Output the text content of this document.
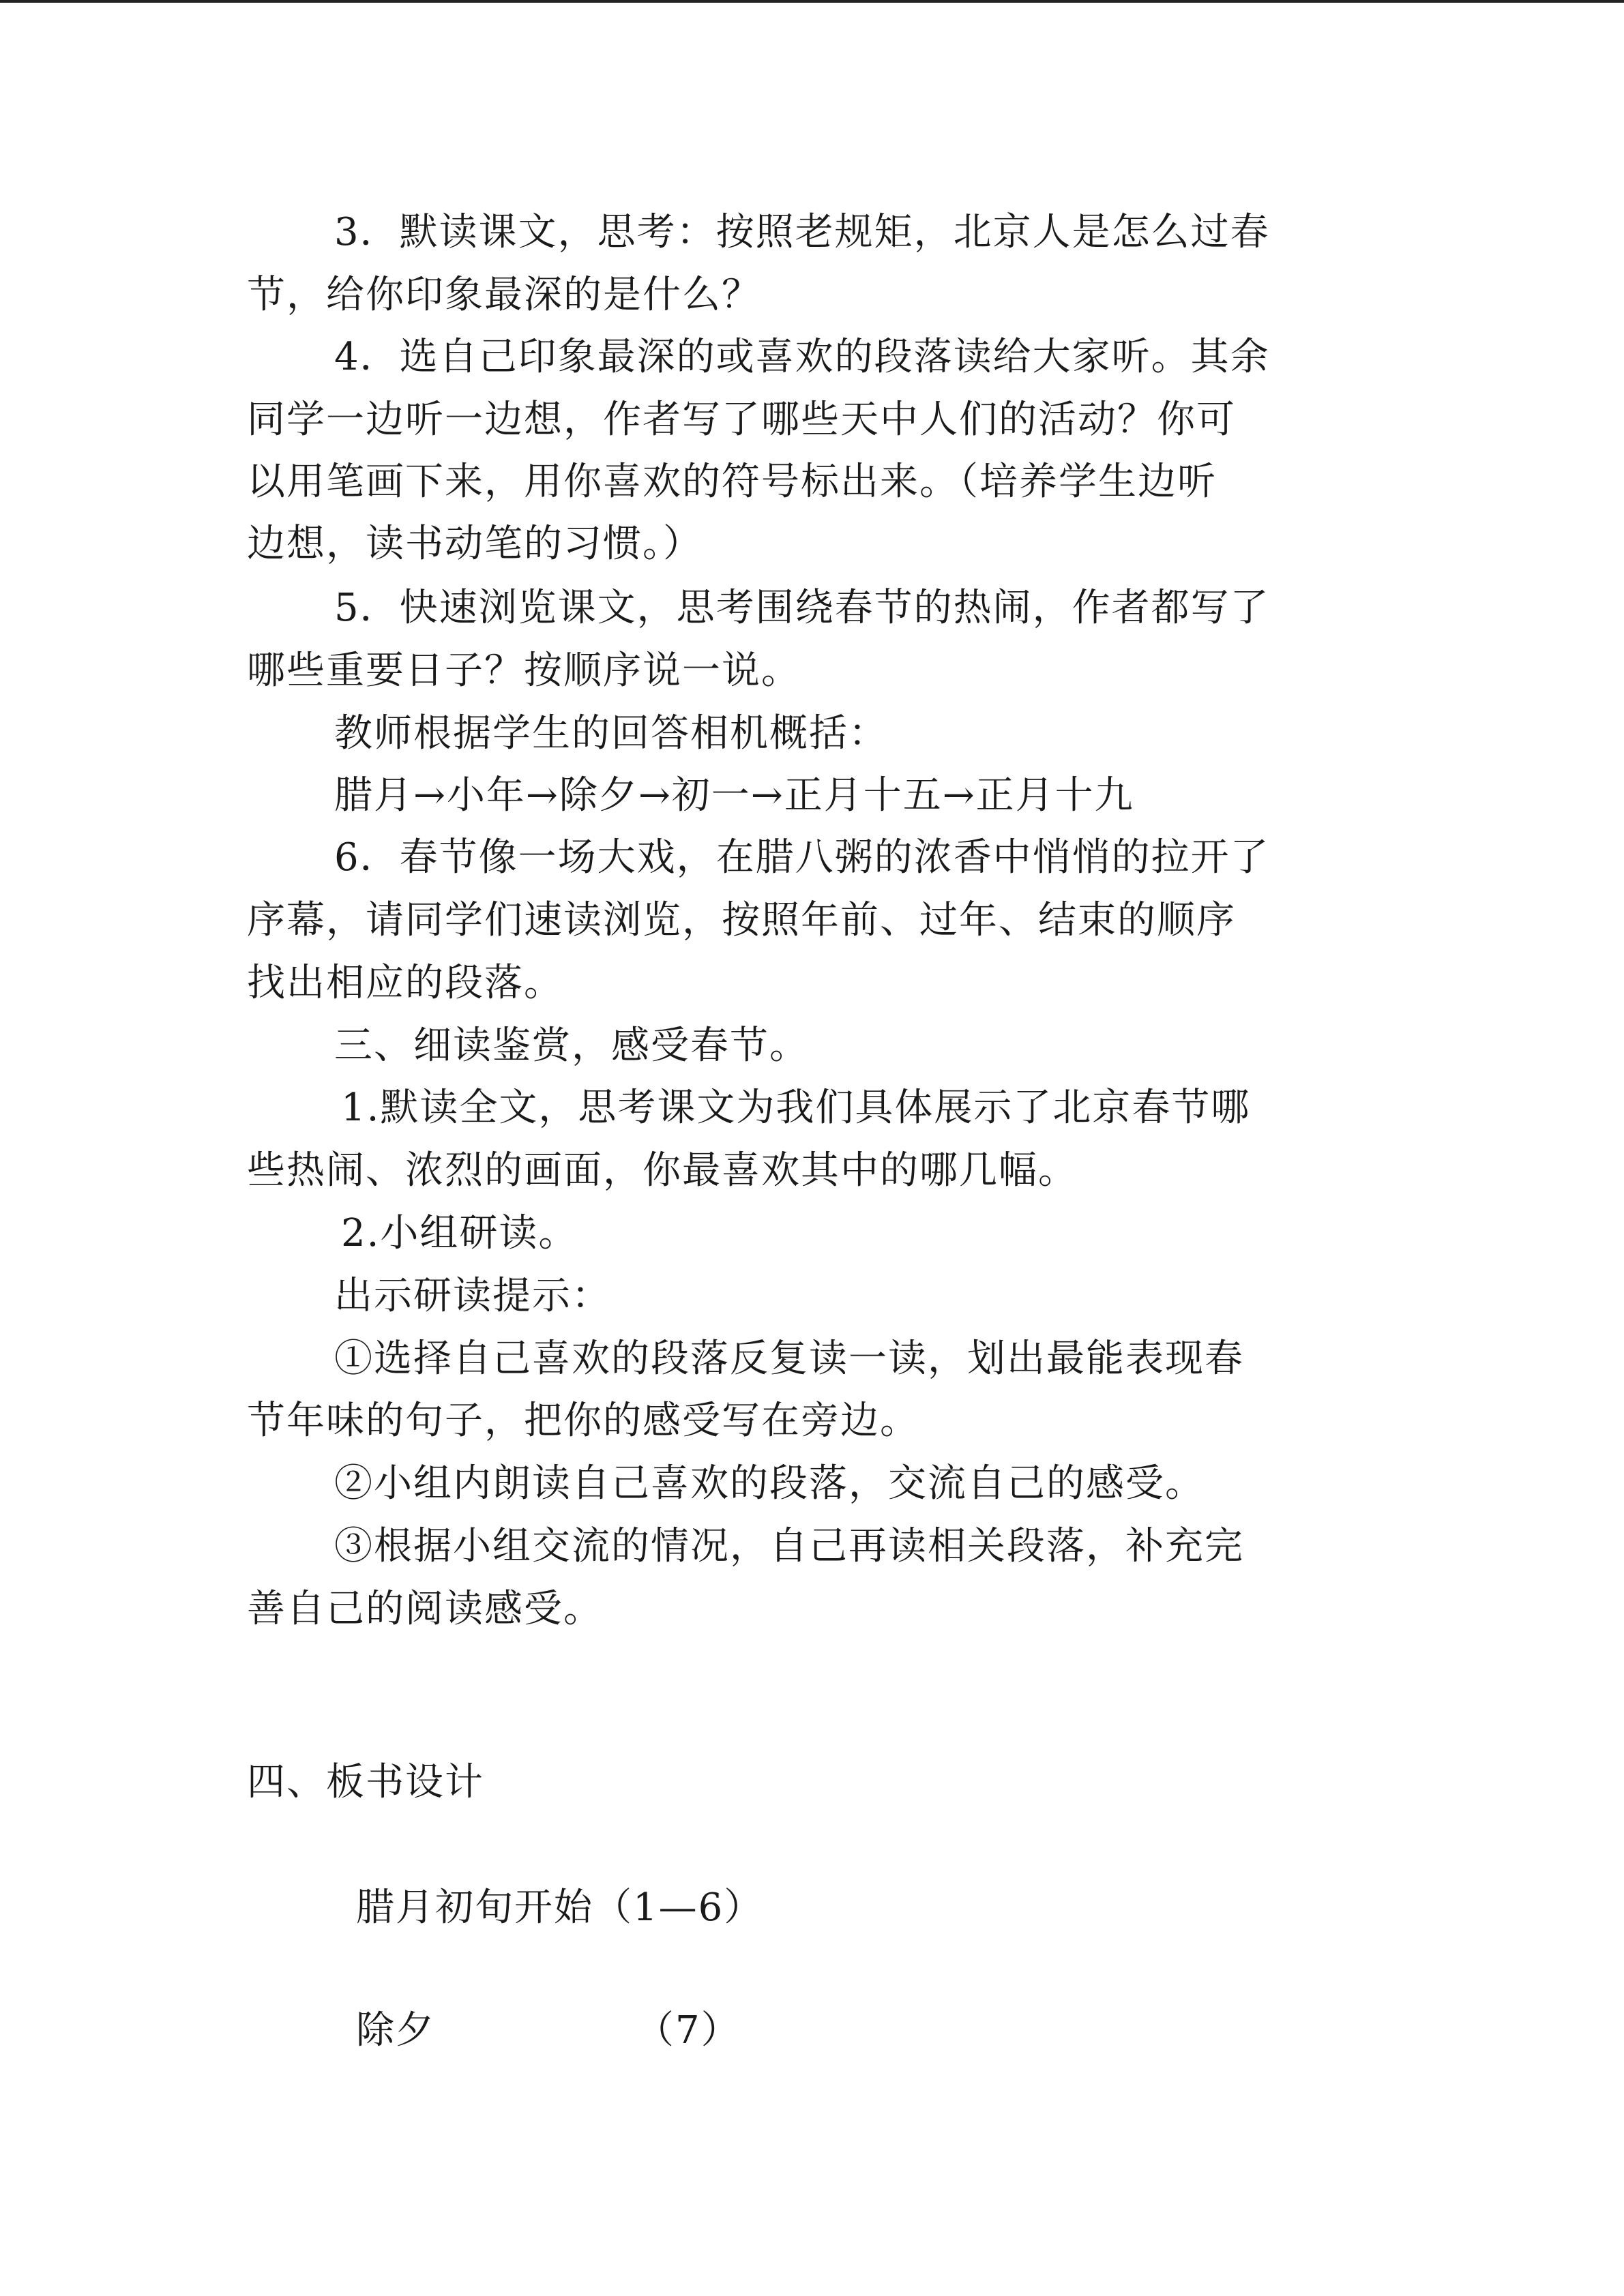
3．默读课文，思考：按照老规矩，北京人是怎么过春
节，给你印象最深的是什么？
4．选自己印象最深的或喜欢的段落读给大家听。其余
同学一边听一边想，作者写了哪些天中人们的活动？你可
以用笔画下来，用你喜欢的符号标出来。（培养学生边听
边想，读书动笔的习惯。）
5．快速浏览课文，思考围绕春节的热闹，作者都写了
哪些重要日子？按顺序说一说。
教师根据学生的回答相机概括：
腊月→小年→除夕→初一→正月十五→正月十九
6．春节像一场大戏，在腊八粥的浓香中悄悄的拉开了
序幕，请同学们速读浏览，按照年前、过年、结束的顺序
找出相应的段落。
三、细读鉴赏，感受春节。
1.默读全文，思考课文为我们具体展示了北京春节哪
些热闹、浓烈的画面，你最喜欢其中的哪几幅。
2.小组研读。
出示研读提示：
①选择自己喜欢的段落反复读一读，划出最能表现春
节年味的句子，把你的感受写在旁边。
②小组内朗读自己喜欢的段落，交流自己的感受。
③根据小组交流的情况，自己再读相关段落，补充完
善自己的阅读感受。
四、板书设计
腊月初旬开始（1—6）
除夕	（7）
